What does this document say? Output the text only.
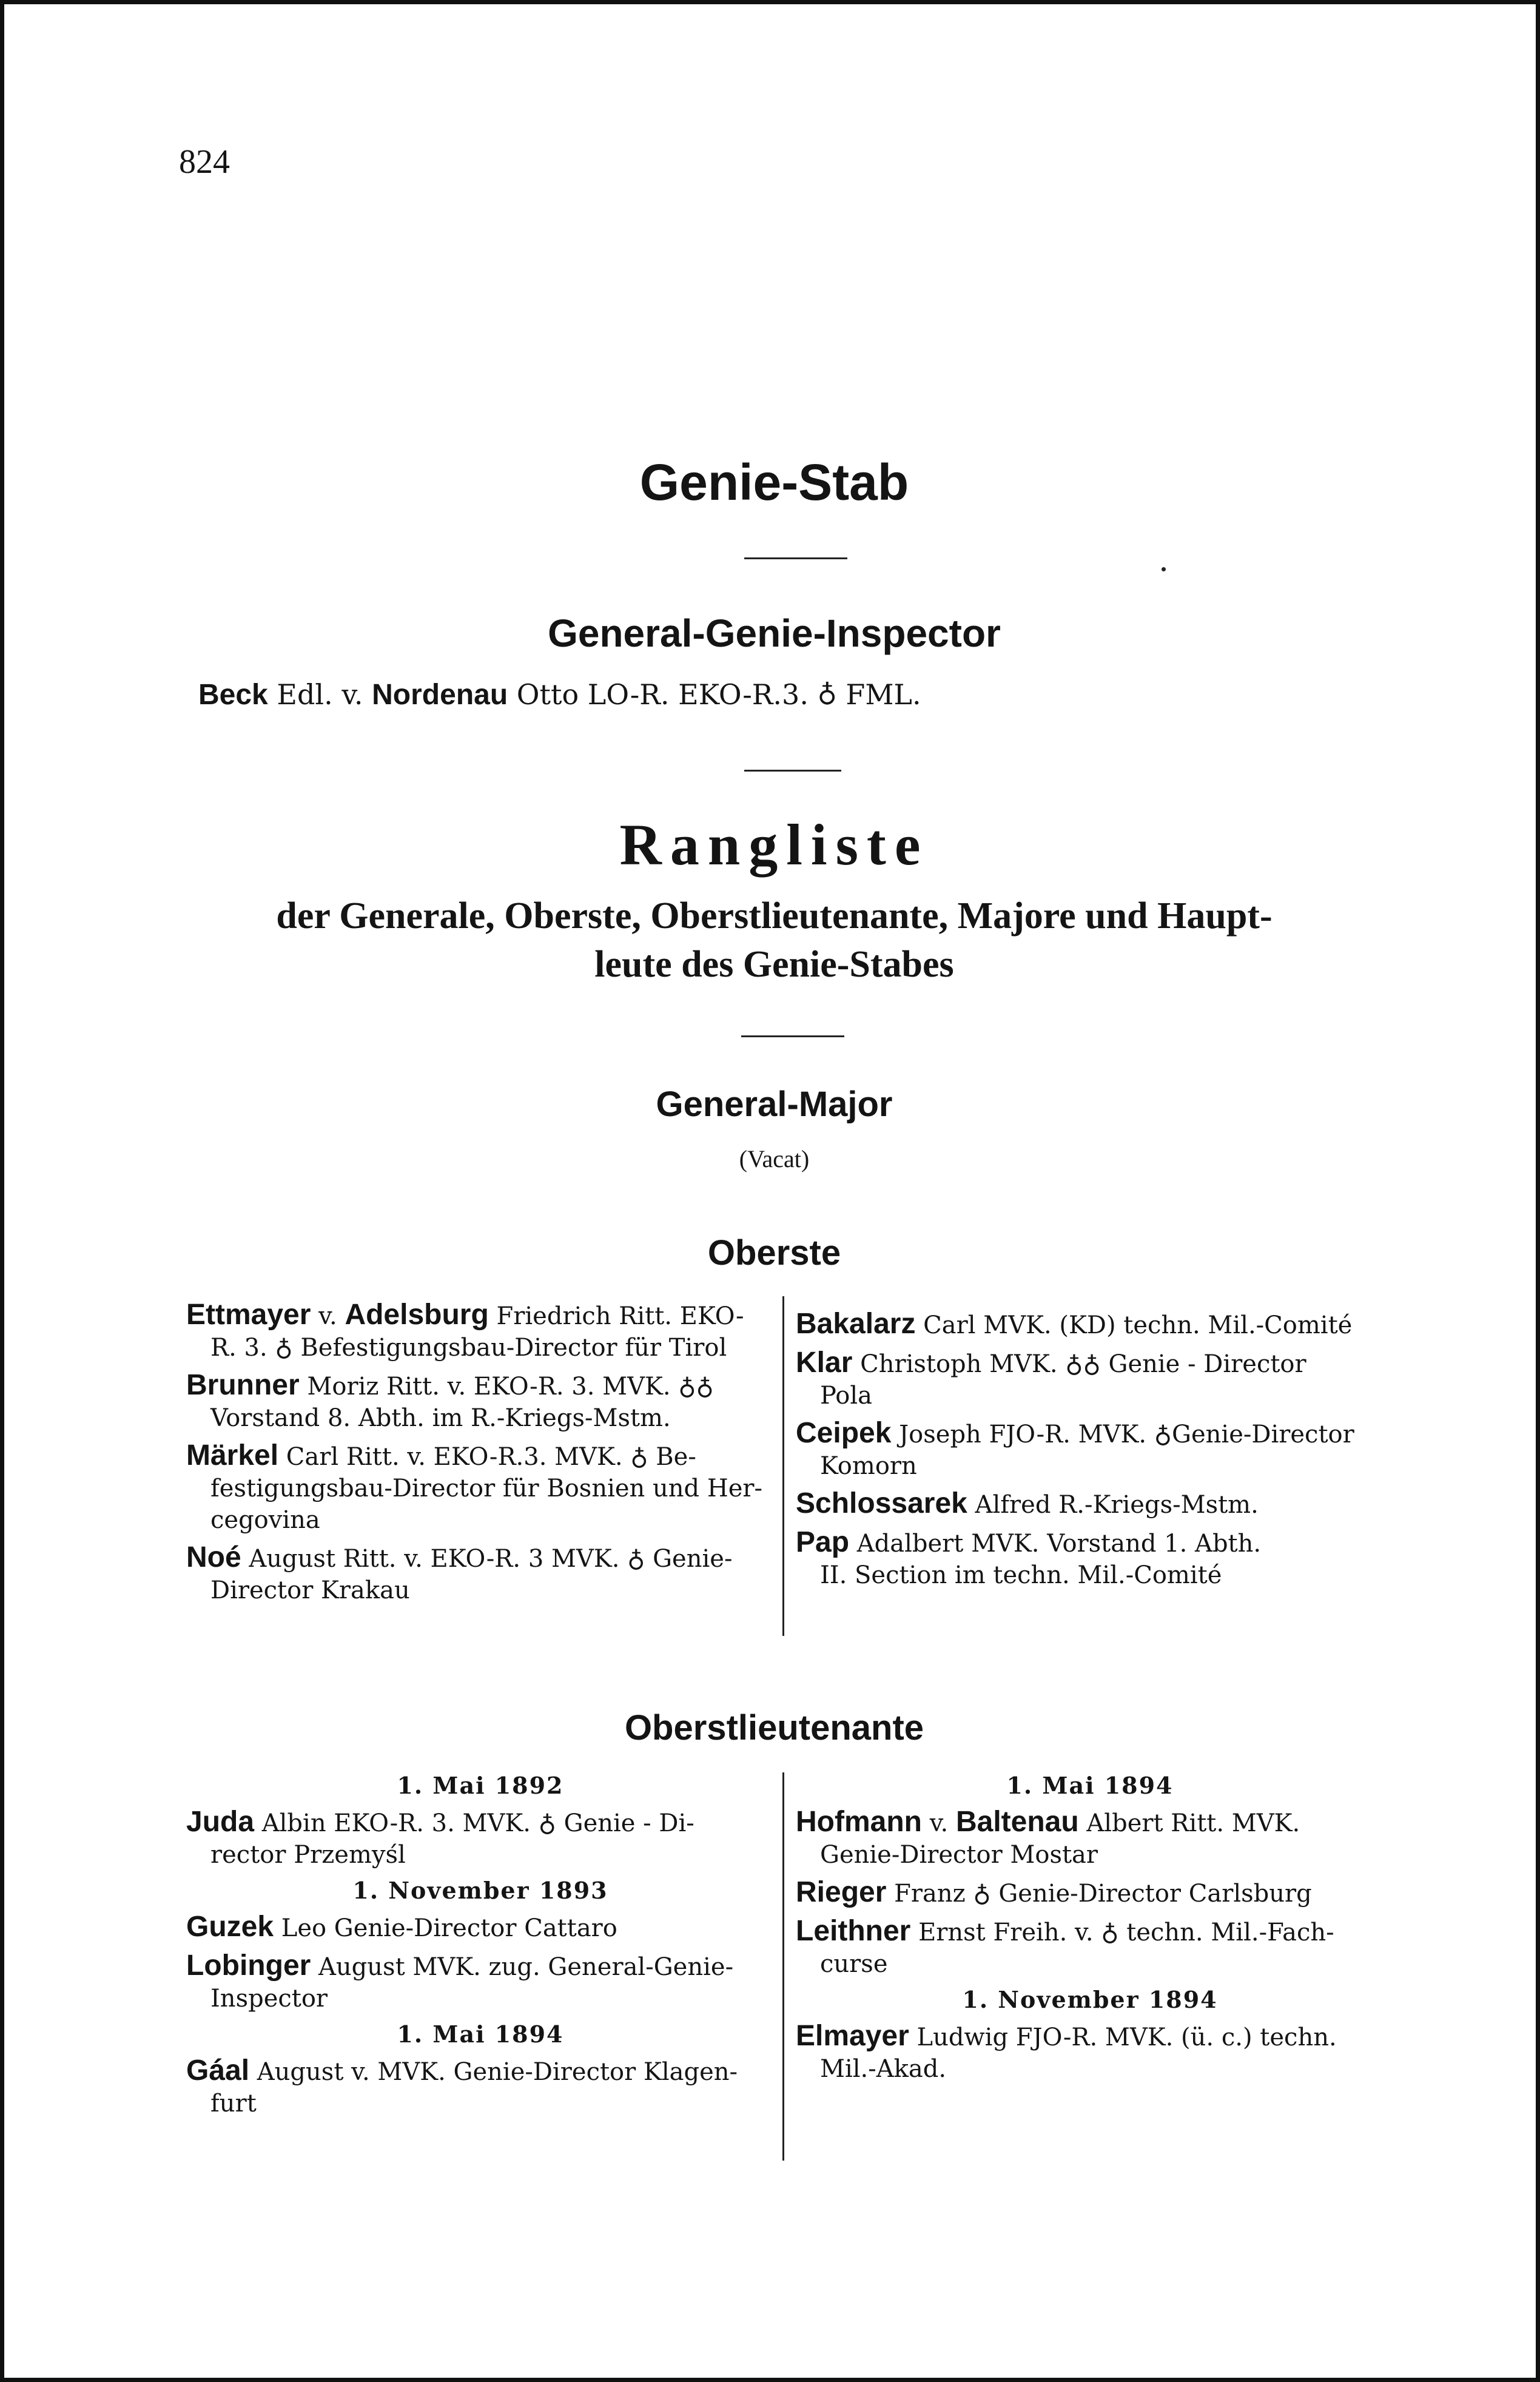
824
Genie-Stab
General-Genie-Inspector
Beck Edl. v. Nordenau Otto LO-R. EKO-R.3. ♁ FML.
Rangliste
der Generale, Oberste, Oberstlieutenante, Majore und Haupt-
leute des Genie-Stabes
General-Major
(Vacat)
Oberste
Ettmayer v. Adelsburg Friedrich Ritt. EKO-
R. 3. ♁ Befestigungsbau-Director für Tirol
Brunner Moriz Ritt. v. EKO-R. 3. MVK. ♁♁
Vorstand 8. Abth. im R.-Kriegs-Mstm.
Märkel Carl Ritt. v. EKO-R.3. MVK. ♁ Be-
festigungsbau-Director für Bosnien und Her-
cegovina
Noé August Ritt. v. EKO-R. 3 MVK. ♁ Genie-
Director Krakau
Bakalarz Carl MVK. (KD) techn. Mil.-Comité
Klar Christoph MVK. ♁♁ Genie - Director
Pola
Ceipek Joseph FJO-R. MVK. ♁Genie-Director
Komorn
Schlossarek Alfred R.-Kriegs-Mstm.
Pap Adalbert MVK. Vorstand 1. Abth.
II. Section im techn. Mil.-Comité
Oberstlieutenante
1. Mai 1892
Juda Albin EKO-R. 3. MVK. ♁ Genie - Di-
rector Przemyśl
1. November 1893
Guzek Leo Genie-Director Cattaro
Lobinger August MVK. zug. General-Genie-
Inspector
1. Mai 1894
Gáal August v. MVK. Genie-Director Klagen-
furt
1. Mai 1894
Hofmann v. Baltenau Albert Ritt. MVK.
Genie-Director Mostar
Rieger Franz ♁ Genie-Director Carlsburg
Leithner Ernst Freih. v. ♁ techn. Mil.-Fach-
curse
1. November 1894
Elmayer Ludwig FJO-R. MVK. (ü. c.) techn.
Mil.-Akad.
